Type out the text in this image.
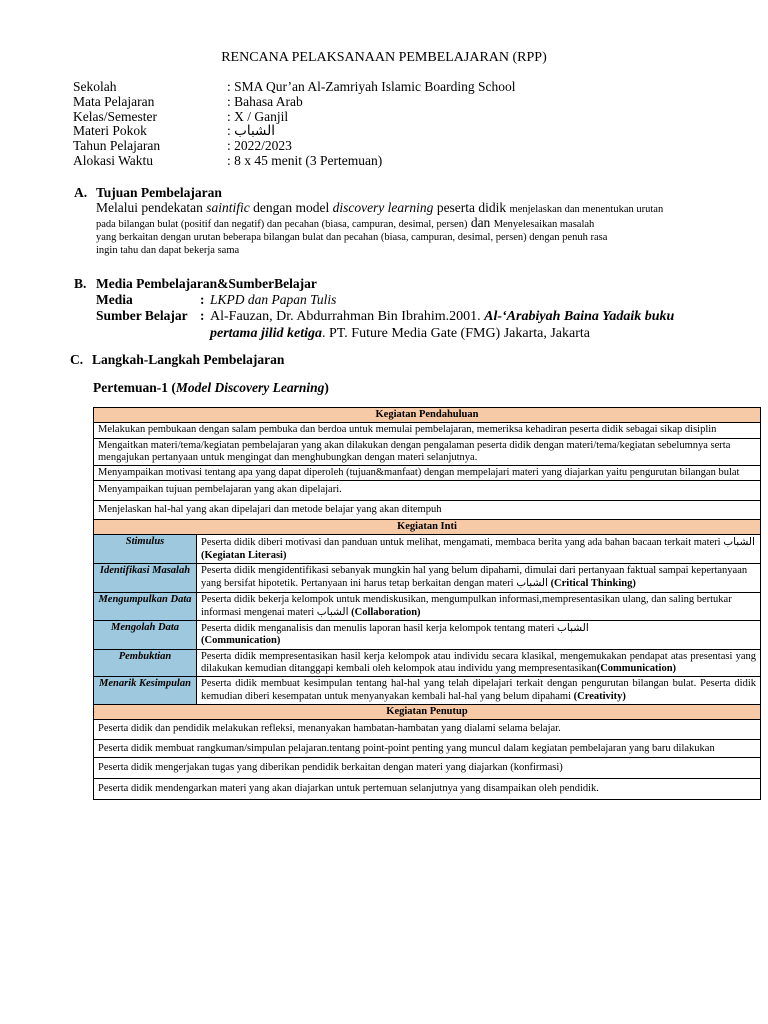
RENCANA PELAKSANAAN PEMBELAJARAN (RPP)
Sekolah	: SMA Qur’an Al-Zamriyah Islamic Boarding School
Mata Pelajaran	: Bahasa Arab
Kelas/Semester	: X / Ganjil
Materi Pokok	: الشباب
Tahun Pelajaran	: 2022/2023
Alokasi Waktu	: 8 x 45 menit (3 Pertemuan)
A. Tujuan Pembelajaran
Melalui pendekatan saintific dengan model discovery learning peserta didik menjelaskan dan menentukan urutan
pada bilangan bulat (positif dan negatif) dan pecahan (biasa, campuran, desimal, persen) dan Menyelesaikan masalah
yang berkaitan dengan urutan beberapa bilangan bulat dan pecahan (biasa, campuran, desimal, persen) dengan penuh rasa
ingin tahu dan dapat bekerja sama
B. Media Pembelajaran&SumberBelajar
Media	: LKPD dan Papan Tulis
Sumber Belajar : Al-Fauzan, Dr. Abdurrahman Bin Ibrahim.2001. Al-‘Arabiyah Baina Yadaik buku
pertama jilid ketiga. PT. Future Media Gate (FMG) Jakarta, Jakarta
C. Langkah-Langkah Pembelajaran
Pertemuan-1 (Model Discovery Learning)
Kegiatan Pendahuluan	
Melakukan pembukaan dengan salam pembuka dan berdoa untuk memulai pembelajaran, memeriksa kehadiran peserta didik sebagai sikap disiplin	
Mengaitkan materi/tema/kegiatan pembelajaran yang akan dilakukan dengan pengalaman peserta didik dengan materi/tema/kegiatan sebelumnya serta mengajukan pertanyaan untuk mengingat dan menghubungkan dengan materi selanjutnya.	
Menyampaikan motivasi tentang apa yang dapat diperoleh (tujuan&manfaat) dengan mempelajari materi yang diajarkan yaitu pengurutan bilangan bulat	
Menyampaikan tujuan pembelajaran yang akan dipelajari.	
Menjelaskan hal-hal yang akan dipelajari dan metode belajar yang akan ditempuh	
Kegiatan Inti	
Stimulus	Peserta didik diberi motivasi dan panduan untuk melihat, mengamati, membaca berita yang ada bahan bacaan terkait materi الشباب (Kegiatan Literasi)
Identifikasi Masalah	Peserta didik mengidentifikasi sebanyak mungkin hal yang belum dipahami, dimulai dari pertanyaan faktual sampai kepertanyaan yang bersifat hipotetik. Pertanyaan ini harus tetap berkaitan dengan materi الشباب (Critical Thinking)
Mengumpulkan Data	Peserta didik bekerja kelompok untuk mendiskusikan, mengumpulkan informasi,mempresentasikan ulang, dan saling bertukar informasi mengenai materi الشباب (Collaboration)
Mengolah Data	Peserta didik menganalisis dan menulis laporan hasil kerja kelompok tentang materi الشباب
(Communication)
Pembuktian	Peserta didik mempresentasikan hasil kerja kelompok atau individu secara klasikal, mengemukakan pendapat atas presentasi yang dilakukan kemudian ditanggapi kembali oleh kelompok atau individu yang mempresentasikan(Communication)
Menarik Kesimpulan	Peserta didik membuat kesimpulan tentang hal-hal yang telah dipelajari terkait dengan pengurutan bilangan bulat. Peserta didik kemudian diberi kesempatan untuk menyanyakan kembali hal-hal yang belum dipahami (Creativity)
Kegiatan Penutup	
Peserta didik dan pendidik melakukan refleksi, menanyakan hambatan-hambatan yang dialami selama belajar.	
Peserta didik membuat rangkuman/simpulan pelajaran.tentang point-point penting yang muncul dalam kegiatan pembelajaran yang baru dilakukan	
Peserta didik mengerjakan tugas yang diberikan pendidik berkaitan dengan materi yang diajarkan (konfirmasi)	
Peserta didik mendengarkan materi yang akan diajarkan untuk pertemuan selanjutnya yang disampaikan oleh pendidik.	
